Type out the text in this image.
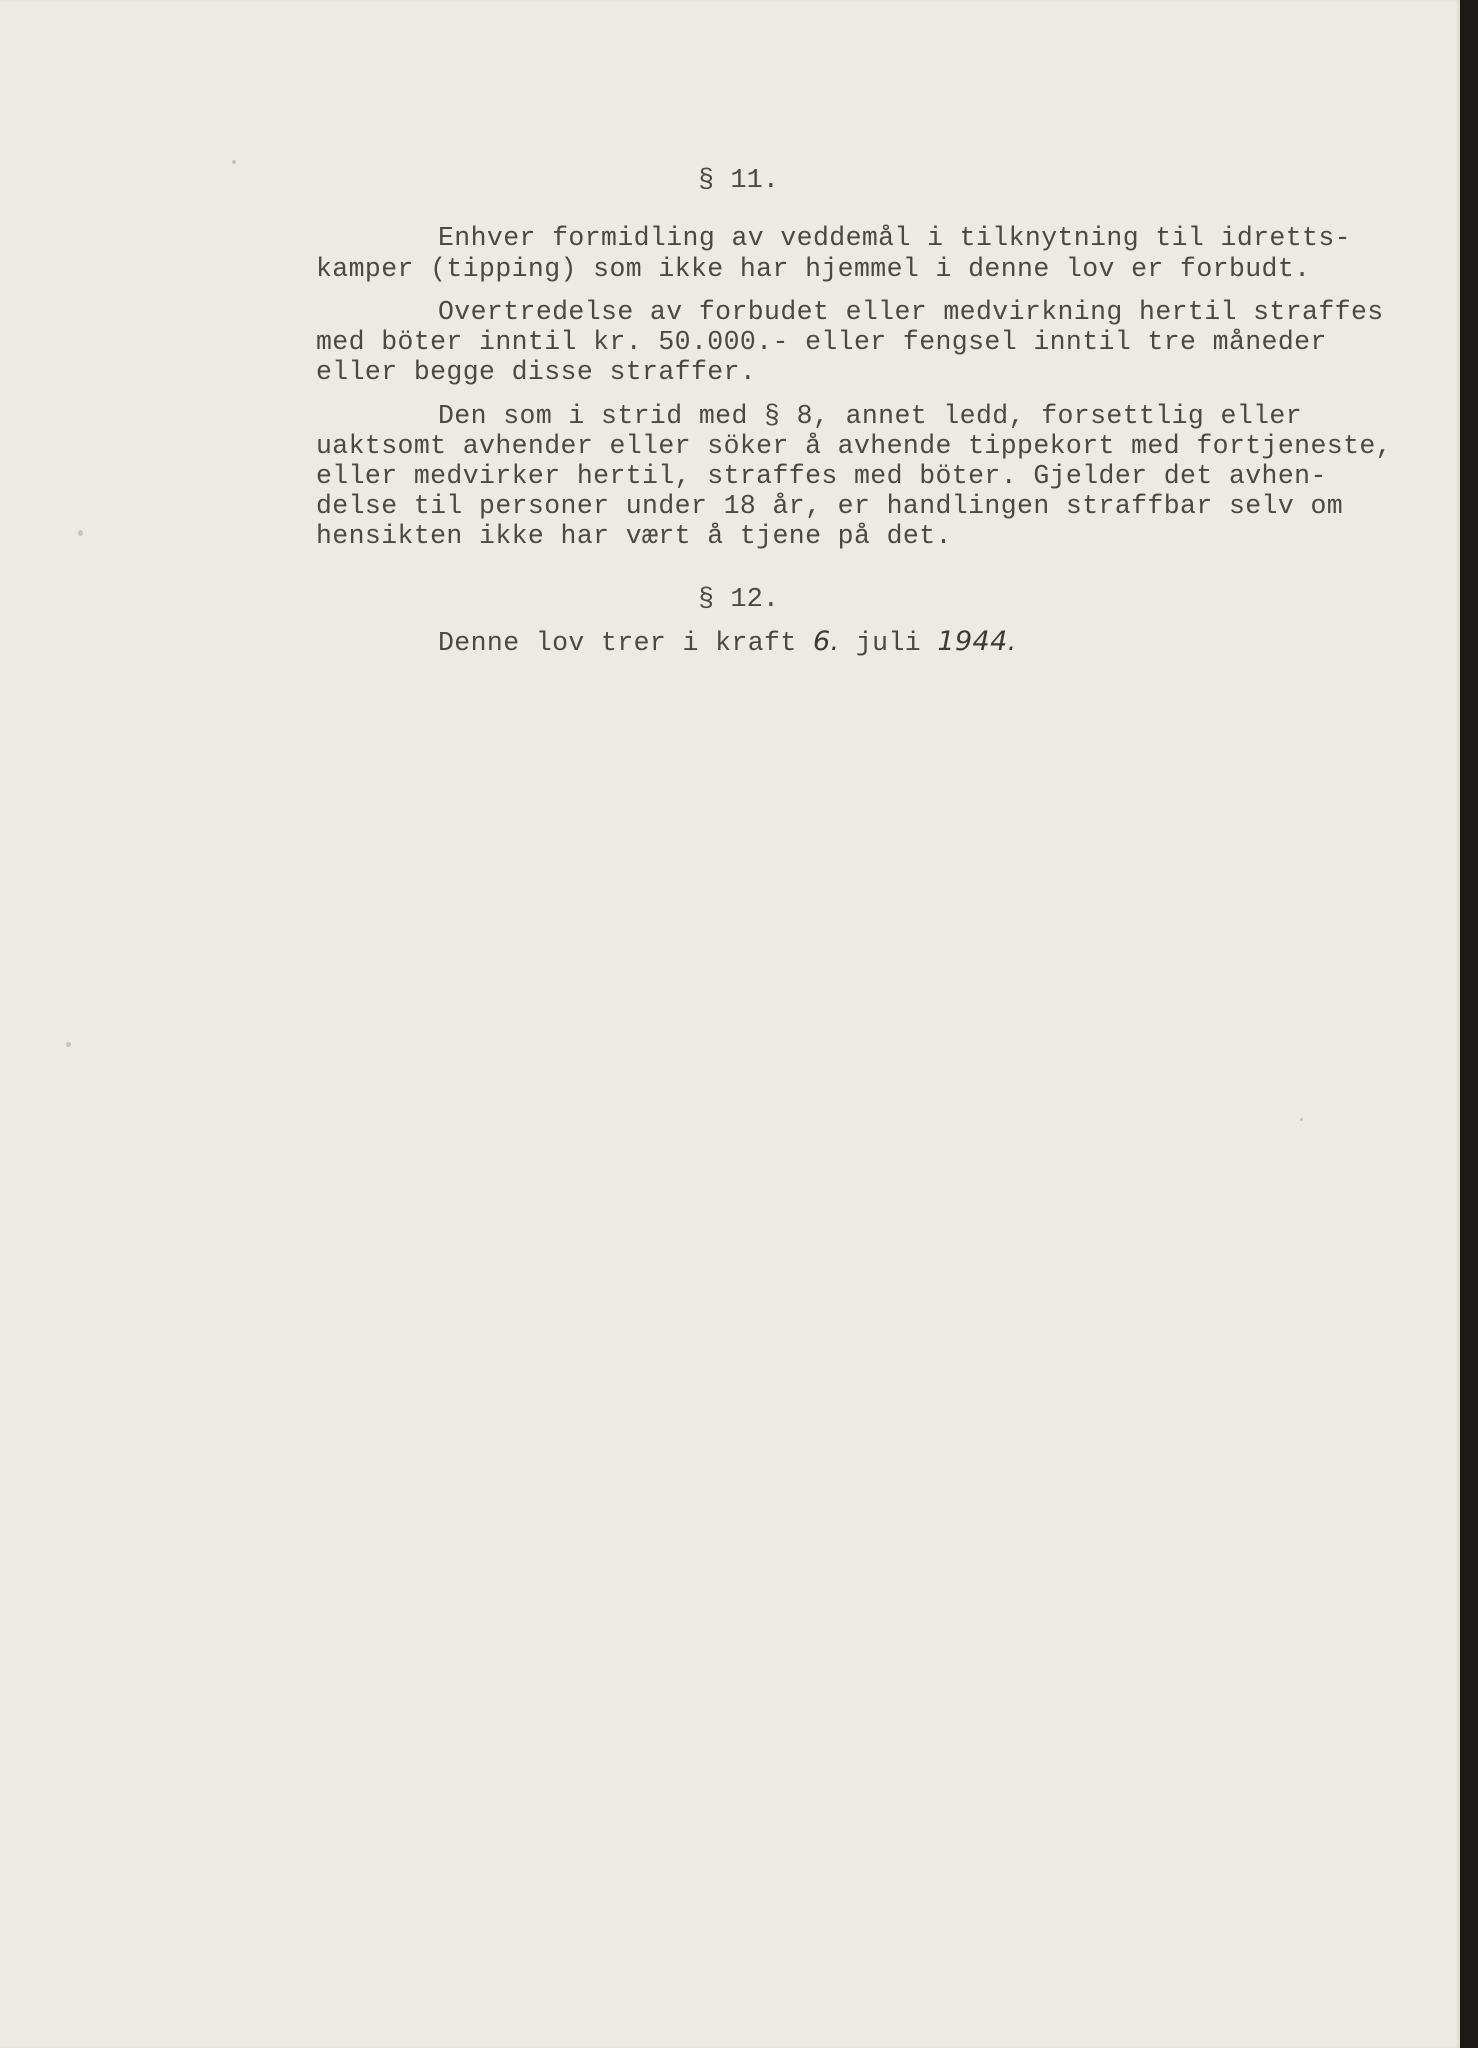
§ 11.
Enhver formidling av veddemål i tilknytning til idretts-
kamper (tipping) som ikke har hjemmel i denne lov er forbudt.
Overtredelse av forbudet eller medvirkning hertil straffes
med böter inntil kr. 50.000.- eller fengsel inntil tre måneder
eller begge disse straffer.
Den som i strid med § 8, annet ledd, forsettlig eller
uaktsomt avhender eller söker å avhende tippekort med fortjeneste,
eller medvirker hertil, straffes med böter. Gjelder det avhen-
delse til personer under 18 år, er handlingen straffbar selv om
hensikten ikke har vært å tjene på det.
§ 12.
Denne lov trer i kraft 6. juli 1944.
